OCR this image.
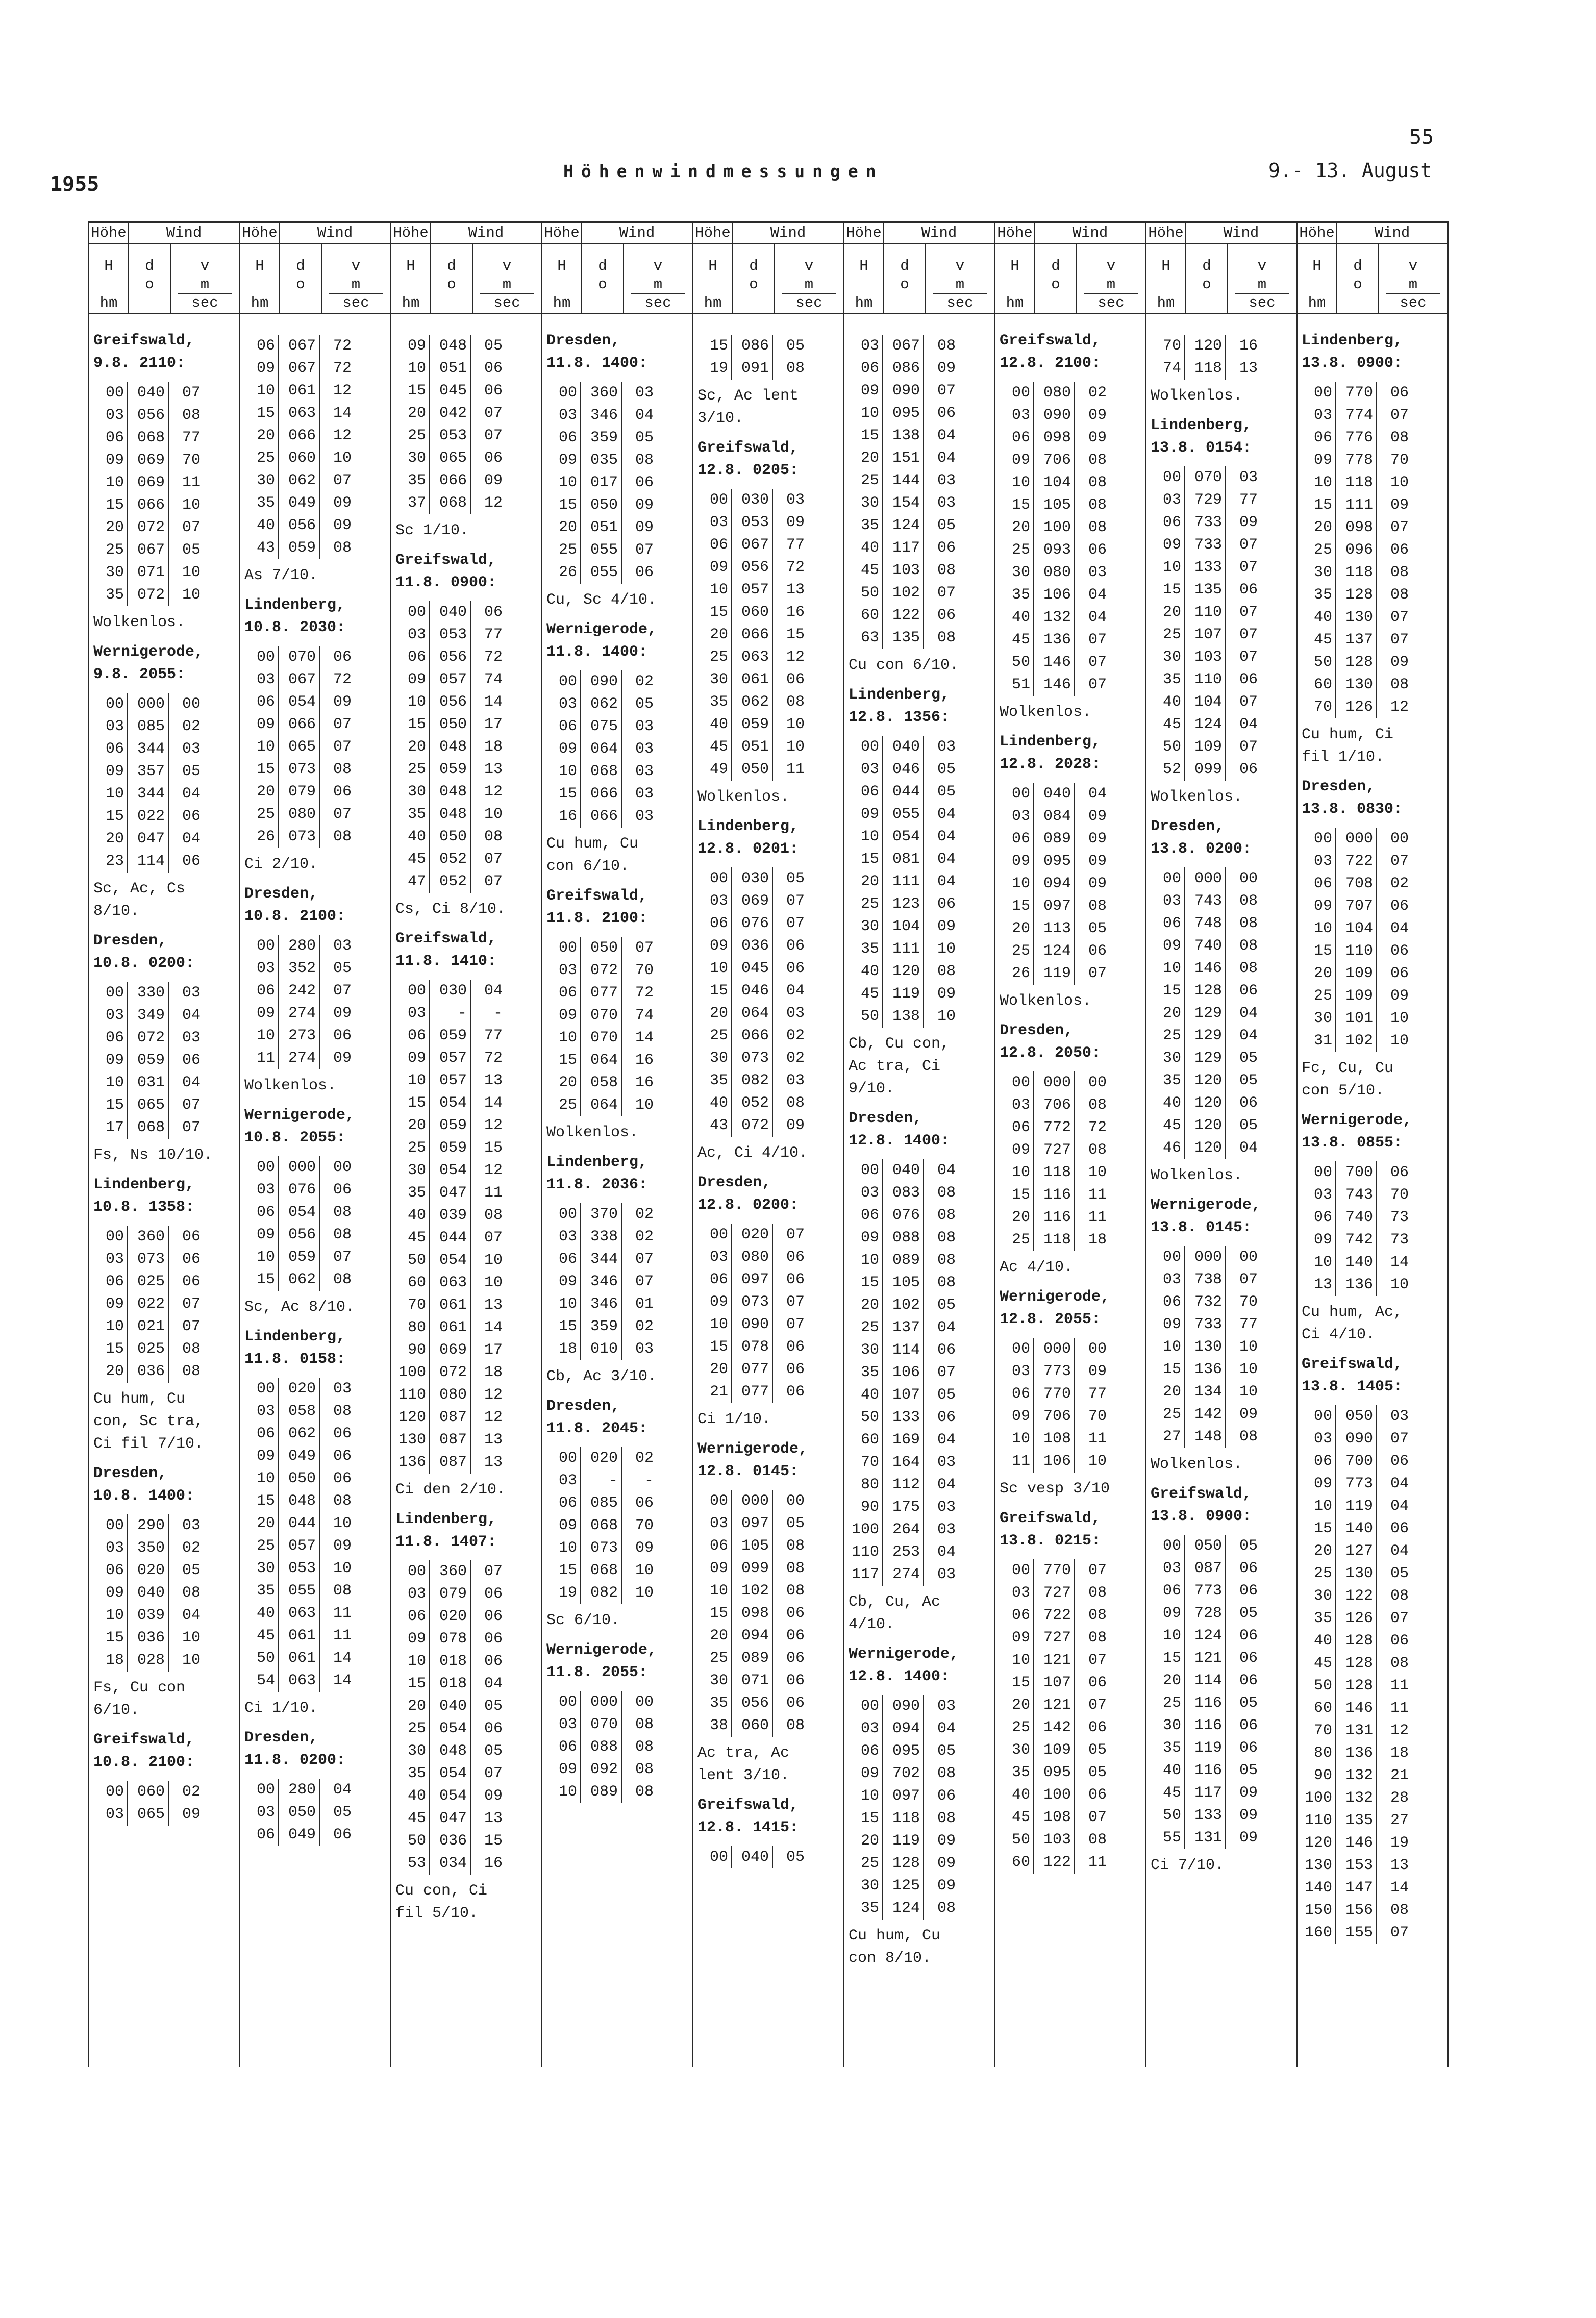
1955
Höhenwindmessungen
55
9.- 13. August
Höhe	Wind
H
hm
d
o
v
m
sec
Greifswald,
9.8. 2110:
00 040	07
03 056	08
06 068	77
09 069	70
10 069	11
15 066	10
20 072	07
25 067	05
30 071	10
35 072	10
Wolkenlos.
Wernigerode,
9.8. 2055:
00 000	00
03 085	02
06 344	03
09 357	05
10 344	04
15 022	06
20 047	04
23 114	06
Sc, Ac, Cs
8/10.
Dresden,
10.8. 0200:
00 330	03
03 349	04
06 072	03
09 059	06
10 031	04
15 065	07
17 068	07
Fs, Ns 10/10.
Lindenberg,
10.8. 1358:
00 360	06
03 073	06
06 025	06
09 022	07
10 021	07
15 025	08
20 036	08
Cu hum, Cu
con, Sc tra,
Ci fil 7/10.
Dresden,
10.8. 1400:
00 290	03
03 350	02
06 020	05
09 040	08
10 039	04
15 036	10
18 028	10
Fs, Cu con
6/10.
Greifswald,
10.8. 2100:
00 060	02
03 065	09
Höhe	Wind
H
hm
d
o
v
m
sec
06 067	72
09 067	72
10 061	12
15 063	14
20 066	12
25 060	10
30 062	07
35 049	09
40 056	09
43 059	08
As 7/10.
Lindenberg,
10.8. 2030:
00 070	06
03 067	72
06 054	09
09 066	07
10 065	07
15 073	08
20 079	06
25 080	07
26 073	08
Ci 2/10.
Dresden,
10.8. 2100:
00 280	03
03 352	05
06 242	07
09 274	09
10 273	06
11 274	09
Wolkenlos.
Wernigerode,
10.8. 2055:
00 000	00
03 076	06
06 054	08
09 056	08
10 059	07
15 062	08
Sc, Ac 8/10.
Lindenberg,
11.8. 0158:
00 020	03
03 058	08
06 062	06
09 049	06
10 050	06
15 048	08
20 044	10
25 057	09
30 053	10
35 055	08
40 063	11
45 061	11
50 061	14
54 063	14
Ci 1/10.
Dresden,
11.8. 0200:
00 280	04
03 050	05
06 049	06
Höhe	Wind
H
hm
d
o
v
m
sec
09 048	05
10 051	06
15 045	06
20 042	07
25 053	07
30 065	06
35 066	09
37 068	12
Sc 1/10.
Greifswald,
11.8. 0900:
00 040	06
03 053	77
06 056	72
09 057	74
10 056	14
15 050	17
20 048	18
25 059	13
30 048	12
35 048	10
40 050	08
45 052	07
47 052	07
Cs, Ci 8/10.
Greifswald,
11.8. 1410:
00 030	04
03	-	-
06 059	77
09 057	72
10 057	13
15 054	14
20 059	12
25 059	15
30 054	12
35 047	11
40 039	08
45 044	07
50 054	10
60 063	10
70 061	13
80 061	14
90 069	17
100 072	18
110 080	12
120 087	12
130 087	13
136 087	13
Ci den 2/10.
Lindenberg,
11.8. 1407:
00 360	07
03 079	06
06 020	06
09 078	06
10 018	06
15 018	04
20 040	05
25 054	06
30 048	05
35 054	07
40 054	09
45 047	13
50 036	15
53 034	16
Cu con, Ci
fil 5/10.
Höhe	Wind
H
hm
d
o
v
m
sec
Dresden,
11.8. 1400:
00 360	03
03 346	04
06 359	05
09 035	08
10 017	06
15 050	09
20 051	09
25 055	07
26 055	06
Cu, Sc 4/10.
Wernigerode,
11.8. 1400:
00 090	02
03 062	05
06 075	03
09 064	03
10 068	03
15 066	03
16 066	03
Cu hum, Cu
con 6/10.
Greifswald,
11.8. 2100:
00 050	07
03 072	70
06 077	72
09 070	74
10 070	14
15 064	16
20 058	16
25 064	10
Wolkenlos.
Lindenberg,
11.8. 2036:
00 370	02
03 338	02
06 344	07
09 346	07
10 346	01
15 359	02
18 010	03
Cb, Ac 3/10.
Dresden,
11.8. 2045:
00 020	02
03	-	-
06 085	06
09 068	70
10 073	09
15 068	10
19 082	10
Sc 6/10.
Wernigerode,
11.8. 2055:
00 000	00
03 070	08
06 088	08
09 092	08
10 089	08
Höhe	Wind
H
hm
d
o
v
m
sec
15 086	05
19 091	08
Sc, Ac lent
3/10.
Greifswald,
12.8. 0205:
00 030	03
03 053	09
06 067	77
09 056	72
10 057	13
15 060	16
20 066	15
25 063	12
30 061	06
35 062	08
40 059	10
45 051	10
49 050	11
Wolkenlos.
Lindenberg,
12.8. 0201:
00 030	05
03 069	07
06 076	07
09 036	06
10 045	06
15 046	04
20 064	03
25 066	02
30 073	02
35 082	03
40 052	08
43 072	09
Ac, Ci 4/10.
Dresden,
12.8. 0200:
00 020	07
03 080	06
06 097	06
09 073	07
10 090	07
15 078	06
20 077	06
21 077	06
Ci 1/10.
Wernigerode,
12.8. 0145:
00 000	00
03 097	05
06 105	08
09 099	08
10 102	08
15 098	06
20 094	06
25 089	06
30 071	06
35 056	06
38 060	08
Ac tra, Ac
lent 3/10.
Greifswald,
12.8. 1415:
00 040	05
Höhe	Wind
H
hm
d
o
v
m
sec
03 067	08
06 086	09
09 090	07
10 095	06
15 138	04
20 151	04
25 144	03
30 154	03
35 124	05
40 117	06
45 103	08
50 102	07
60 122	06
63 135	08
Cu con 6/10.
Lindenberg,
12.8. 1356:
00 040	03
03 046	05
06 044	05
09 055	04
10 054	04
15 081	04
20 111	04
25 123	06
30 104	09
35 111	10
40 120	08
45 119	09
50 138	10
Cb, Cu con,
Ac tra, Ci
9/10.
Dresden,
12.8. 1400:
00 040	04
03 083	08
06 076	08
09 088	08
10 089	08
15 105	08
20 102	05
25 137	04
30 114	06
35 106	07
40 107	05
50 133	06
60 169	04
70 164	03
80 112	04
90 175	03
100 264	03
110 253	04
117 274	03
Cb, Cu, Ac
4/10.
Wernigerode,
12.8. 1400:
00 090	03
03 094	04
06 095	05
09 702	08
10 097	06
15 118	08
20 119	09
25 128	09
30 125	09
35 124	08
Cu hum, Cu
con 8/10.
Höhe	Wind
H
hm
d
o
v
m
sec
Greifswald,
12.8. 2100:
00 080	02
03 090	09
06 098	09
09 706	08
10 104	08
15 105	08
20 100	08
25 093	06
30 080	03
35 106	04
40 132	04
45 136	07
50 146	07
51 146	07
Wolkenlos.
Lindenberg,
12.8. 2028:
00 040	04
03 084	09
06 089	09
09 095	09
10 094	09
15 097	08
20 113	05
25 124	06
26 119	07
Wolkenlos.
Dresden,
12.8. 2050:
00 000	00
03 706	08
06 772	72
09 727	08
10 118	10
15 116	11
20 116	11
25 118	18
Ac 4/10.
Wernigerode,
12.8. 2055:
00 000	00
03 773	09
06 770	77
09 706	70
10 108	11
11 106	10
Sc vesp 3/10
Greifswald,
13.8. 0215:
00 770	07
03 727	08
06 722	08
09 727	08
10 121	07
15 107	06
20 121	07
25 142	06
30 109	05
35 095	05
40 100	06
45 108	07
50 103	08
60 122	11
Höhe	Wind
H
hm
d
o
v
m
sec
70 120	16
74 118	13
Wolkenlos.
Lindenberg,
13.8. 0154:
00 070	03
03 729	77
06 733	09
09 733	07
10 133	07
15 135	06
20 110	07
25 107	07
30 103	07
35 110	06
40 104	07
45 124	04
50 109	07
52 099	06
Wolkenlos.
Dresden,
13.8. 0200:
00 000	00
03 743	08
06 748	08
09 740	08
10 146	08
15 128	06
20 129	04
25 129	04
30 129	05
35 120	05
40 120	06
45 120	05
46 120	04
Wolkenlos.
Wernigerode,
13.8. 0145:
00 000	00
03 738	07
06 732	70
09 733	77
10 130	10
15 136	10
20 134	10
25 142	09
27 148	08
Wolkenlos.
Greifswald,
13.8. 0900:
00 050	05
03 087	06
06 773	06
09 728	05
10 124	06
15 121	06
20 114	06
25 116	05
30 116	06
35 119	06
40 116	05
45 117	09
50 133	09
55 131	09
Ci 7/10.
Höhe	Wind
H
hm
d
o
v
m
sec
Lindenberg,
13.8. 0900:
00 770	06
03 774	07
06 776	08
09 778	70
10 118	10
15 111	09
20 098	07
25 096	06
30 118	08
35 128	08
40 130	07
45 137	07
50 128	09
60 130	08
70 126	12
Cu hum, Ci
fil 1/10.
Dresden,
13.8. 0830:
00 000	00
03 722	07
06 708	02
09 707	06
10 104	04
15 110	06
20 109	06
25 109	09
30 101	10
31 102	10
Fc, Cu, Cu
con 5/10.
Wernigerode,
13.8. 0855:
00 700	06
03 743	70
06 740	73
09 742	73
10 140	14
13 136	10
Cu hum, Ac,
Ci 4/10.
Greifswald,
13.8. 1405:
00 050	03
03 090	07
06 700	06
09 773	04
10 119	04
15 140	06
20 127	04
25 130	05
30 122	08
35 126	07
40 128	06
45 128	08
50 128	11
60 146	11
70 131	12
80 136	18
90 132	21
100 132	28
110 135	27
120 146	19
130 153	13
140 147	14
150 156	08
160 155	07
